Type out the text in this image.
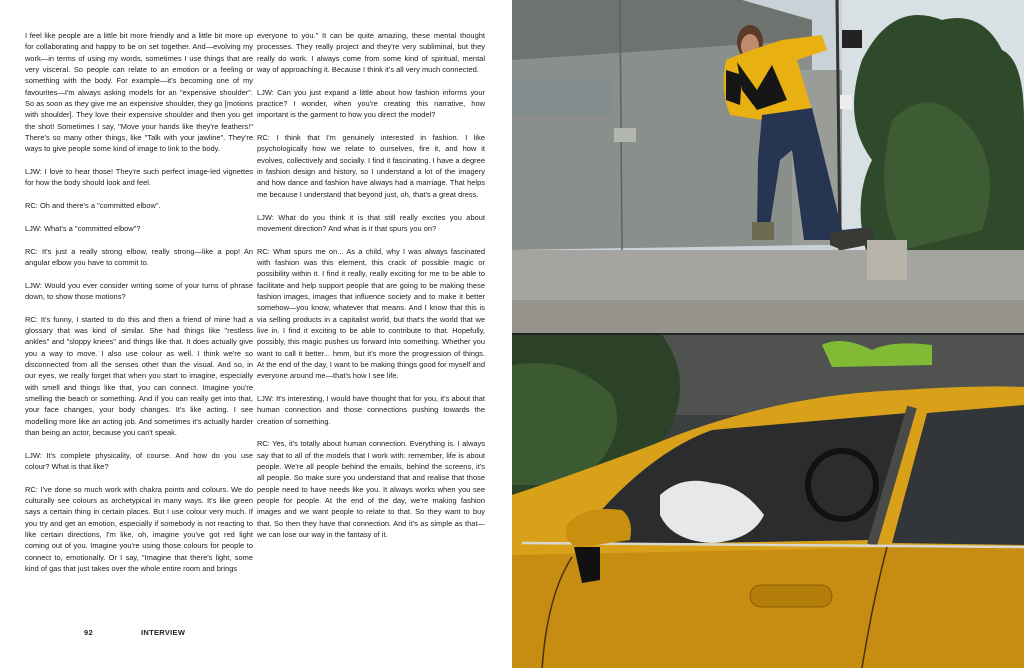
I feel like people are a little bit more friendly and a little bit more up for collaborating and happy to be on set together. And—evolving my work—in terms of using my words, sometimes I use things that are very visceral. So people can relate to an emotion or a feeling or something with the body. For example—it's becoming one of my favourites—I'm always asking models for an "expensive shoulder". So as soon as they give me an expensive shoulder, they go [motions with shoulder]. They love their expensive shoulder and then you get the shot! Sometimes I say, "Move your hands like they're feathers!" There's so many other things, like "Talk with your jawline". They're ways to give people some kind of image to link to the body.

LJW: I love to hear those! They're such perfect image-led vignettes for how the body should look and feel.

RC: Oh and there's a "committed elbow".

LJW: What's a "committed elbow"?

RC: It's just a really strong elbow, really strong—like a pop! An angular elbow you have to commit to.

LJW: Would you ever consider writing some of your turns of phrase down, to show those motions?

RC: It's funny, I started to do this and then a friend of mine had a glossary that was kind of similar. She had things like "restless ankles" and "sloppy knees" and things like that. It does actually give you a way to move. I also use colour as well. I think we're so disconnected from all the senses other than the visual. And so, in our eyes, we really forget that when you start to imagine, especially with smell and things like that, you can connect. Imagine you're smelling the beach or something. And if you can really get into that, your face changes, your body changes. It's like acting. I see modelling more like an acting job. And sometimes it's actually harder than being an actor, because you can't speak.

LJW: It's complete physicality, of course. And how do you use colour? What is that like?

RC: I've done so much work with chakra points and colours. We do culturally see colours as archetypical in many ways. It's like green says a certain thing in certain places. But I use colour very much. If you try and get an emotion, especially if somebody is not reacting to like certain directions, I'm like, oh, imagine you've got red light coming out of you. Imagine you're using those colours for people to connect to, emotionally. Or I say, "Imagine that there's light, some kind of gas that just takes over the whole entire room and brings

everyone to you." It can be quite amazing, these mental thought processes. They really project and they're very subliminal, but they really do work. I always come from some kind of spiritual, mental way of approaching it. Because I think it's all very much connected.

LJW: Can you just expand a little about how fashion informs your practice? I wonder, when you're creating this narrative, how important is the garment to how you direct the model?

RC: I think that I'm genuinely interested in fashion. I like psychologically how we relate to ourselves, fire it, and how it evolves, collectively and socially. I find it fascinating. I have a degree in fashion design and history, so I understand a lot of the imagery and how dance and fashion have always had a marriage. That helps me because I understand that beyond just, oh, that's a great dress.

LJW: What do you think it is that still really excites you about movement direction? And what is it that spurs you on?

RC: What spurs me on... As a child, why I was always fascinated with fashion was this element, this crack of possible magic or possibility within it. I find it really, really exciting for me to be able to facilitate and help support people that are going to be making these fashion images, images that influence society and to make it better somehow—you know, whatever that means. And I know that this is via selling products in a capitalist world, but that's the world that we live in. I find it exciting to be able to contribute to that. Hopefully, possibly, this magic pushes us forward into something. Whether you want to call it better... hmm, but it's more the progression of things. At the end of the day, I want to be making things good for myself and everyone around me—that's how I see life.

LJW: It's interesting, I would have thought that for you, it's about that human connection and those connections pushing towards the creation of something.

RC: Yes, it's totally about human connection. Everything is. I always say that to all of the models that I work with: remember, life is about people. We're all people behind the emails, behind the screens, it's all people. So make sure you understand that and realise that those people need to have needs like you. It always works when you see people for people. At the end of the day, we're making fashion images and we want people to relate to that. So they want to buy that. So then they have that connection. And it's as simple as that—we can lose our way in the fantasy of it.

92	INTERVIEW
